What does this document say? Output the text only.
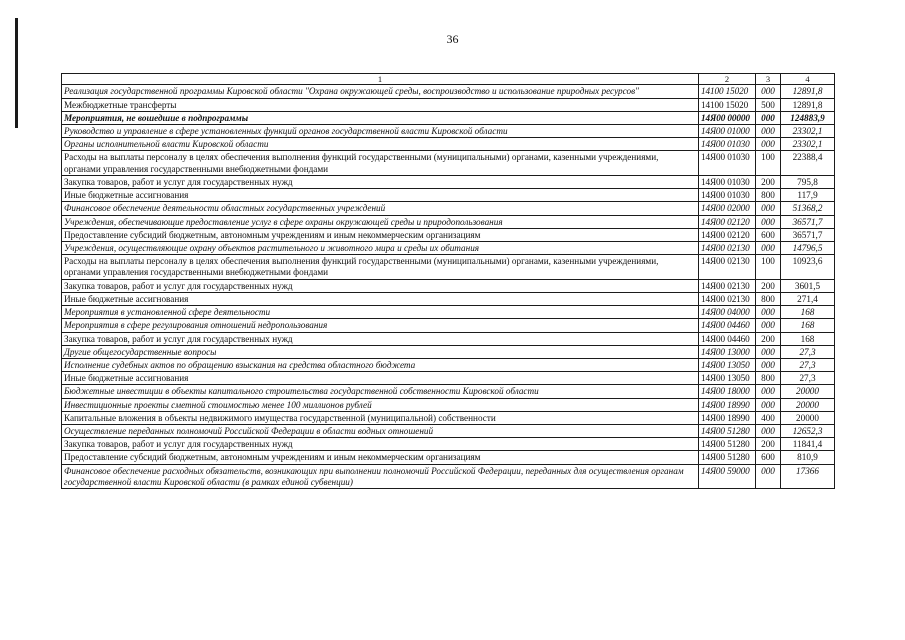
36
1	2	3	4
Реализация государственной программы Кировской области "Охрана окружающей среды, воспроизводство и использование природных ресурсов"	14100 15020	000	12891,8
Межбюджетные трансферты	14100 15020	500	12891,8
Мероприятия, не вошедшие в подпрограммы	14Я00 00000	000	124883,9
Руководство и управление в сфере установленных функций органов государственной власти Кировской области	14Я00 01000	000	23302,1
Органы исполнительной власти Кировской области	14Я00 01030	000	23302,1
Расходы на выплаты персоналу в целях обеспечения выполнения функций государственными (муниципальными) органами, казенными учреждениями, органами управления государственными внебюджетными фондами	14Я00 01030	100	22388,4
Закупка товаров, работ и услуг для государственных нужд	14Я00 01030	200	795,8
Иные бюджетные ассигнования	14Я00 01030	800	117,9
Финансовое обеспечение деятельности областных государственных учреждений	14Я00 02000	000	51368,2
Учреждения, обеспечивающие предоставление услуг в сфере охраны окружающей среды и природопользования	14Я00 02120	000	36571,7
Предоставление субсидий бюджетным, автономным учреждениям и иным некоммерческим организациям	14Я00 02120	600	36571,7
Учреждения, осуществляющие охрану объектов растительного и животного мира и среды их обитания	14Я00 02130	000	14796,5
Расходы на выплаты персоналу в целях обеспечения выполнения функций государственными (муниципальными) органами, казенными учреждениями, органами управления государственными внебюджетными фондами	14Я00 02130	100	10923,6
Закупка товаров, работ и услуг для государственных нужд	14Я00 02130	200	3601,5
Иные бюджетные ассигнования	14Я00 02130	800	271,4
Мероприятия в установленной сфере деятельности	14Я00 04000	000	168
Мероприятия в сфере регулирования отношений недропользования	14Я00 04460	000	168
Закупка товаров, работ и услуг для государственных нужд	14Я00 04460	200	168
Другие общегосударственные вопросы	14Я00 13000	000	27,3
Исполнение судебных актов по обращению взыскания на средства областного бюджета	14Я00 13050	000	27,3
Иные бюджетные ассигнования	14Я00 13050	800	27,3
Бюджетные инвестиции в объекты капитального строительства государственной собственности Кировской области	14Я00 18000	000	20000
Инвестиционные проекты сметной стоимостью менее 100 миллионов рублей	14Я00 18990	000	20000
Капитальные вложения в объекты недвижимого имущества государственной (муниципальной) собственности	14Я00 18990	400	20000
Осуществление переданных полномочий Российской Федерации в области водных отношений	14Я00 51280	000	12652,3
Закупка товаров, работ и услуг для государственных нужд	14Я00 51280	200	11841,4
Предоставление субсидий бюджетным, автономным учреждениям и иным некоммерческим организациям	14Я00 51280	600	810,9
Финансовое обеспечение расходных обязательств, возникающих при выполнении полномочий Российской Федерации, переданных для осуществления органам государственной власти Кировской области (в рамках единой субвенции)	14Я00 59000	000	17366
